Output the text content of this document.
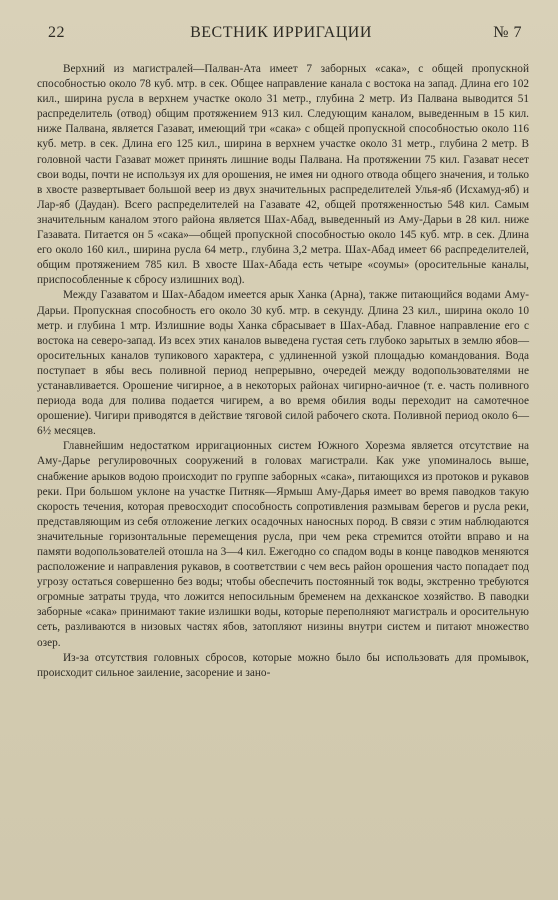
22	ВЕСТНИК ИРРИГАЦИИ	№ 7

Верхний из магистралей—Палван-Ата имеет 7 заборных «сака», с общей пропускной способностью около 78 куб. мтр. в сек. Общее направление канала с востока на запад. Длина его 102 кил., ширина русла в верхнем участке около 31 метр., глубина 2 метр. Из Палвана выводится 51 распределитель (отвод) общим протяжением 913 кил. Следующим каналом, выведенным в 15 кил. ниже Палвана, является Газават, имеющий три «сака» с общей пропускной способностью около 116 куб. метр. в сек. Длина его 125 кил., ширина в верхнем участке около 31 метр., глубина 2 метр. В головной части Газават может принять лишние воды Палвана. На протяжении 75 кил. Газават несет свои воды, почти не используя их для орошения, не имея ни одного отвода общего значения, и только в хвосте развертывает большой веер из двух значительных распределителей Улья-яб (Исхамуд-яб) и Лар-яб (Даудан). Всего распределителей на Газавате 42, общей протяженностью 548 кил. Самым значительным каналом этого района является Шах-Абад, выведенный из Аму-Дарьи в 28 кил. ниже Газавата. Питается он 5 «сака»—общей пропускной способностью около 145 куб. мтр. в сек. Длина его около 160 кил., ширина русла 64 метр., глубина 3,2 метра. Шах-Абад имеет 66 распределителей, общим протяжением 785 кил. В хвосте Шах-Абада есть четыре «соумы» (оросительные каналы, приспособленные к сбросу излишних вод).

Между Газаватом и Шах-Абадом имеется арык Ханка (Арна), также питающийся водами Аму-Дарьи. Пропускная способность его около 30 куб. мтр. в секунду. Длина 23 кил., ширина около 10 метр. и глубина 1 мтр. Излишние воды Ханка сбрасывает в Шах-Абад. Главное направление его с востока на северо-запад. Из всех этих каналов выведена густая сеть глубоко зарытых в землю ябов—оросительных каналов тупикового характера, с удлиненной узкой площадью командования. Вода поступает в ябы весь поливной период непрерывно, очередей между водопользователями не устанавливается. Орошение чигирное, а в некоторых районах чигирно-аичное (т. е. часть поливного периода вода для полива подается чигирем, а во время обилия воды переходит на самотечное орошение). Чигири приводятся в действие тяговой силой рабочего скота. Поливной период около 6—6½ месяцев.

Главнейшим недостатком ирригационных систем Южного Хорезма является отсутствие на Аму-Дарье регулировочных сооружений в головах магистрали. Как уже упоминалось выше, снабжение арыков водою происходит по группе заборных «сака», питающихся из протоков и рукавов реки. При большом уклоне на участке Питняк—Ярмыш Аму-Дарья имеет во время паводков такую скорость течения, которая превосходит способность сопротивления размывам берегов и русла реки, представляющим из себя отложение легких осадочных наносных пород. В связи с этим наблюдаются значительные горизонтальные перемещения русла, при чем река стремится отойти вправо и на памяти водопользователей отошла на 3—4 кил. Ежегодно со спадом воды в конце паводков меняются расположение и направления рукавов, в соответствии с чем весь район орошения часто попадает под угрозу остаться совершенно без воды; чтобы обеспечить постоянный ток воды, экстренно требуются огромные затраты труда, что ложится непосильным бременем на дехканское хозяйство. В паводки заборные «сака» принимают такие излишки воды, которые переполняют магистраль и оросительную сеть, разливаются в низовых частях ябов, затопляют низины внутри систем и питают множество озер.

Из-за отсутствия головных сбросов, которые можно было бы использовать для промывок, происходит сильное заиление, засорение и зано-
